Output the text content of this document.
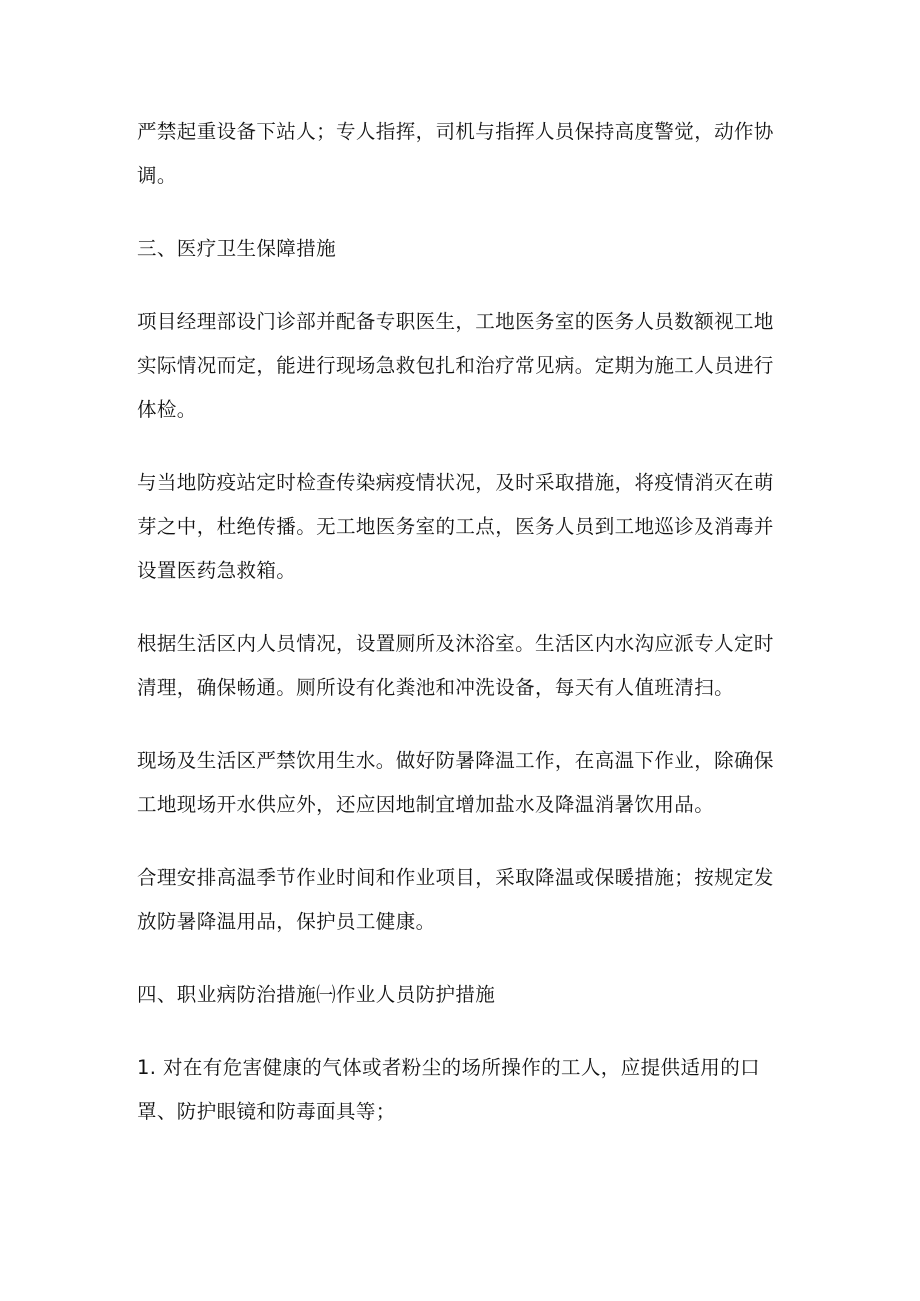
严禁起重设备下站人；专人指挥，司机与指挥人员保持高度警觉，动作协调。

三、医疗卫生保障措施

项目经理部设门诊部并配备专职医生，工地医务室的医务人员数额视工地实际情况而定，能进行现场急救包扎和治疗常见病。定期为施工人员进行体检。

与当地防疫站定时检查传染病疫情状况，及时采取措施，将疫情消灭在萌芽之中，杜绝传播。无工地医务室的工点，医务人员到工地巡诊及消毒并设置医药急救箱。

根据生活区内人员情况，设置厕所及沐浴室。生活区内水沟应派专人定时清理，确保畅通。厕所设有化粪池和冲洗设备，每天有人值班清扫。

现场及生活区严禁饮用生水。做好防暑降温工作，在高温下作业，除确保工地现场开水供应外，还应因地制宜增加盐水及降温消暑饮用品。

合理安排高温季节作业时间和作业项目，采取降温或保暖措施；按规定发放防暑降温用品，保护员工健康。

四、职业病防治措施㈠作业人员防护措施

1. 对在有危害健康的气体或者粉尘的场所操作的工人，应提供适用的口罩、防护眼镜和防毒面具等；
